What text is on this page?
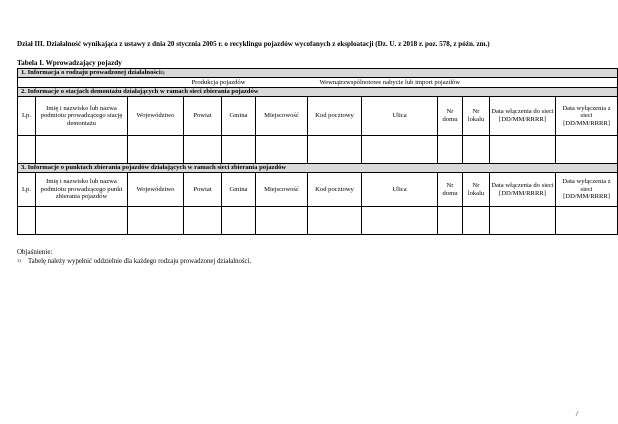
Dział III. Działalność wynikająca z ustawy z dnia 20 stycznia 2005 r. o recyklingu pojazdów wycofanych z eksploatacji (Dz. U. z 2018 r. poz. 578, z późn. zm.)
Tabela I. Wprowadzający pojazdy
1. Informacja o rodzaju prowadzonej działalności$^{1)}$
Produkcja pojazdów					Wewnątrzwspólnotowe nabycie lub import pojazdów						
2. Informacje o stacjach demontażu działających w ramach sieci zbierania pojazdów											
Lp.	Imię i nazwisko lub nazwa podmiotu prowadzącego stację demontażu	Województwo	Powiat	Gmina	Miejscowość	Kod pocztowy	Ulica	Nr domu	Nr lokalu	Data włączenia do sieci [DD/MM/RRRR]	Data wyłączenia z sieci [DD/MM/RRRR]

3. Informacje o punktach zbierania pojazdów działających w ramach sieci zbierania pojazdów											
Lp.	Imię i nazwisko lub nazwa podmiotu prowadzącego punkt zbierania pojazdów	Województwo	Powiat	Gmina	Miejscowość	Kod pocztowy	Ulica	Nr domu	Nr lokalu	Data włączenia do sieci [DD/MM/RRRR]	Data wyłączenia z sieci [DD/MM/RRRR]

Objaśnienie:
$^{1)}$ Tabelę należy wypełnić oddzielnie dla każdego rodzaju prowadzonej działalności.
/
